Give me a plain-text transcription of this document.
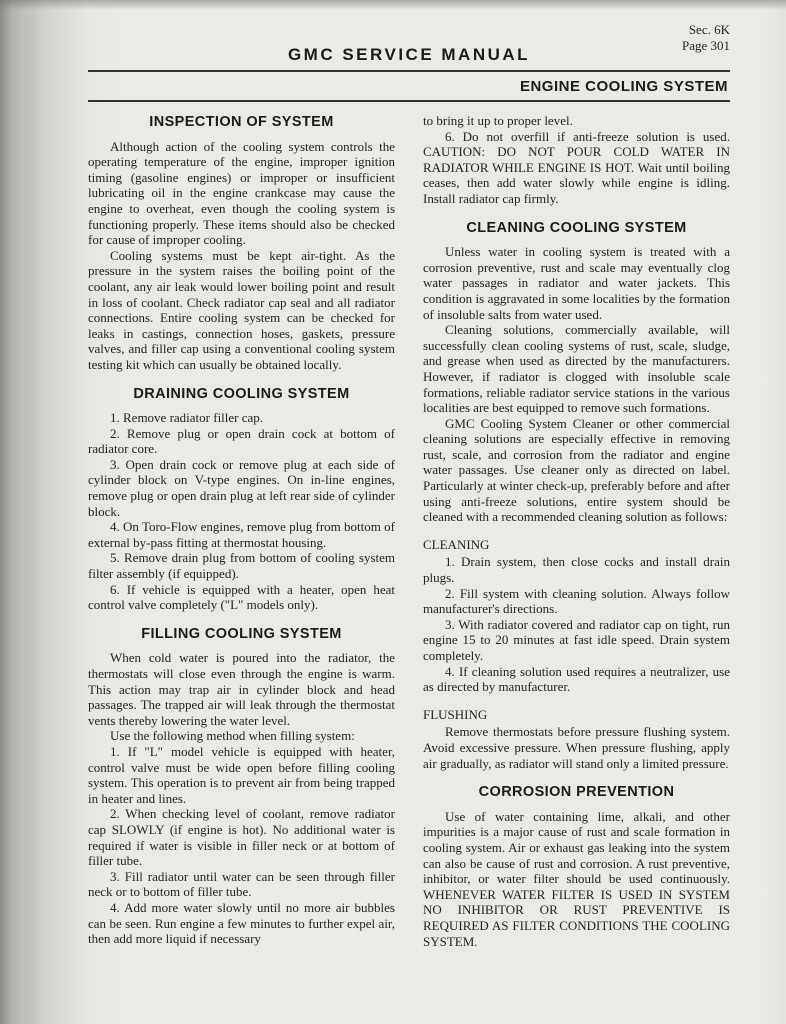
Sec. 6K
Page 301
GMC SERVICE MANUAL
ENGINE COOLING SYSTEM
INSPECTION OF SYSTEM

Although action of the cooling system controls the operating temperature of the engine, improper ignition timing (gasoline engines) or improper or insufficient lubricating oil in the engine crankcase may cause the engine to overheat, even though the cooling system is functioning properly. These items should also be checked for cause of improper cooling.

Cooling systems must be kept air-tight. As the pressure in the system raises the boiling point of the coolant, any air leak would lower boiling point and result in loss of coolant. Check radiator cap seal and all radiator connections. Entire cooling system can be checked for leaks in castings, connection hoses, gaskets, pressure valves, and filler cap using a conventional cooling system testing kit which can usually be obtained locally.

DRAINING COOLING SYSTEM

1. Remove radiator filler cap.

2. Remove plug or open drain cock at bottom of radiator core.

3. Open drain cock or remove plug at each side of cylinder block on V-type engines. On in-line engines, remove plug or open drain plug at left rear side of cylinder block.

4. On Toro-Flow engines, remove plug from bottom of external by-pass fitting at thermostat housing.

5. Remove drain plug from bottom of cooling system filter assembly (if equipped).

6. If vehicle is equipped with a heater, open heat control valve completely ("L" models only).

FILLING COOLING SYSTEM

When cold water is poured into the radiator, the thermostats will close even through the engine is warm. This action may trap air in cylinder block and head passages. The trapped air will leak through the thermostat vents thereby lowering the water level.

Use the following method when filling system:

1. If "L" model vehicle is equipped with heater, control valve must be wide open before filling cooling system. This operation is to prevent air from being trapped in heater and lines.

2. When checking level of coolant, remove radiator cap SLOWLY (if engine is hot). No additional water is required if water is visible in filler neck or at bottom of filler tube.

3. Fill radiator until water can be seen through filler neck or to bottom of filler tube.

4. Add more water slowly until no more air bubbles can be seen. Run engine a few minutes to further expel air, then add more liquid if necessary

to bring it up to proper level.

6. Do not overfill if anti-freeze solution is used. CAUTION: DO NOT POUR COLD WATER IN RADIATOR WHILE ENGINE IS HOT. Wait until boiling ceases, then add water slowly while engine is idling. Install radiator cap firmly.

CLEANING COOLING SYSTEM

Unless water in cooling system is treated with a corrosion preventive, rust and scale may eventually clog water passages in radiator and water jackets. This condition is aggravated in some localities by the formation of insoluble salts from water used.

Cleaning solutions, commercially available, will successfully clean cooling systems of rust, scale, sludge, and grease when used as directed by the manufacturers. However, if radiator is clogged with insoluble scale formations, reliable radiator service stations in the various localities are best equipped to remove such formations.

GMC Cooling System Cleaner or other commercial cleaning solutions are especially effective in removing rust, scale, and corrosion from the radiator and engine water passages. Use cleaner only as directed on label. Particularly at winter check-up, preferably before and after using anti-freeze solutions, entire system should be cleaned with a recommended cleaning solution as follows:

CLEANING

1. Drain system, then close cocks and install drain plugs.

2. Fill system with cleaning solution. Always follow manufacturer's directions.

3. With radiator covered and radiator cap on tight, run engine 15 to 20 minutes at fast idle speed. Drain system completely.

4. If cleaning solution used requires a neutralizer, use as directed by manufacturer.

FLUSHING

Remove thermostats before pressure flushing system. Avoid excessive pressure. When pressure flushing, apply air gradually, as radiator will stand only a limited pressure.

CORROSION PREVENTION

Use of water containing lime, alkali, and other impurities is a major cause of rust and scale formation in cooling system. Air or exhaust gas leaking into the system can also be cause of rust and corrosion. A rust preventive, inhibitor, or water filter should be used continuously. WHENEVER WATER FILTER IS USED IN SYSTEM NO INHIBITOR OR RUST PREVENTIVE IS REQUIRED AS FILTER CONDITIONS THE COOLING SYSTEM.
